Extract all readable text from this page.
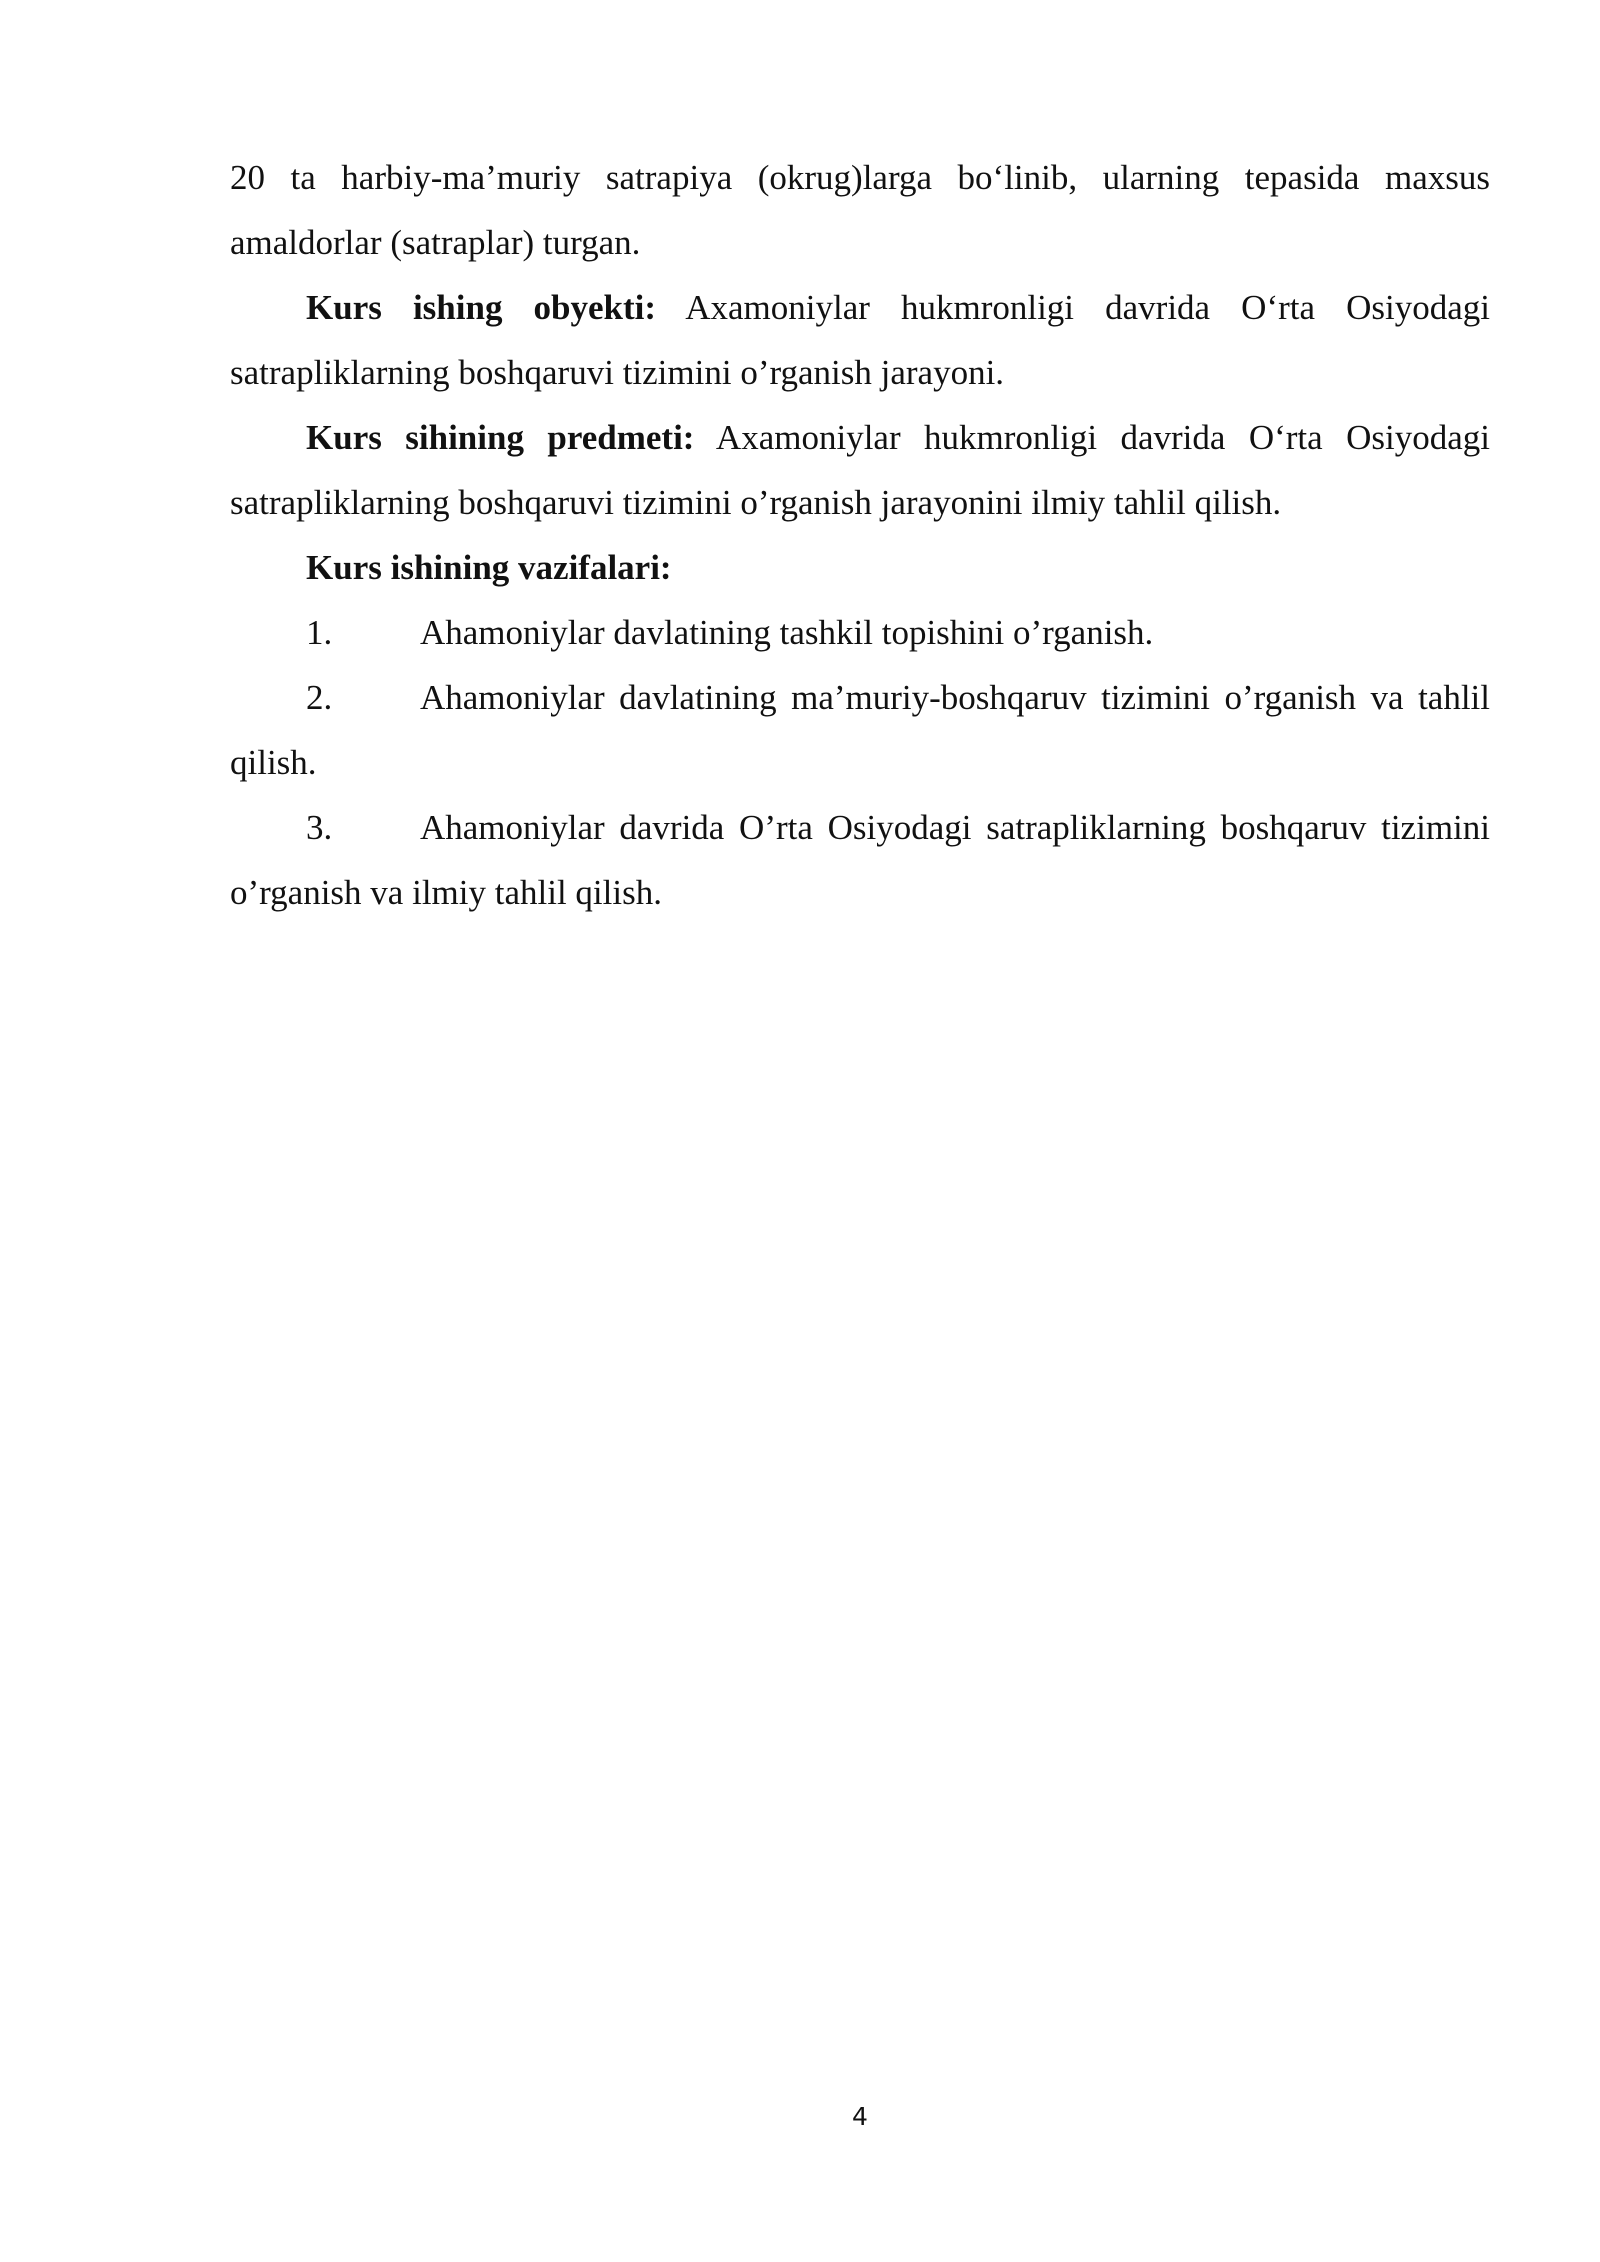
20 ta harbiy-ma’muriy satrapiya (okrug)larga bo‘linib, ularning tepasida maxsus amaldorlar (satraplar) turgan.

Kurs ishing obyekti: Axamoniylar hukmronligi davrida O‘rta Osiyodagi satrapliklarning boshqaruvi tizimini o’rganish jarayoni.

Kurs sihining predmeti: Axamoniylar hukmronligi davrida O‘rta Osiyodagi satrapliklarning boshqaruvi tizimini o’rganish jarayonini ilmiy tahlil qilish.

Kurs ishining vazifalari:

1.	Ahamoniylar davlatining tashkil topishini o’rganish.

2.	Ahamoniylar davlatining ma’muriy-boshqaruv tizimini o’rganish va tahlil qilish.

3.	Ahamoniylar davrida O’rta Osiyodagi satrapliklarning boshqaruv tizimini o’rganish va ilmiy tahlil qilish.

4
